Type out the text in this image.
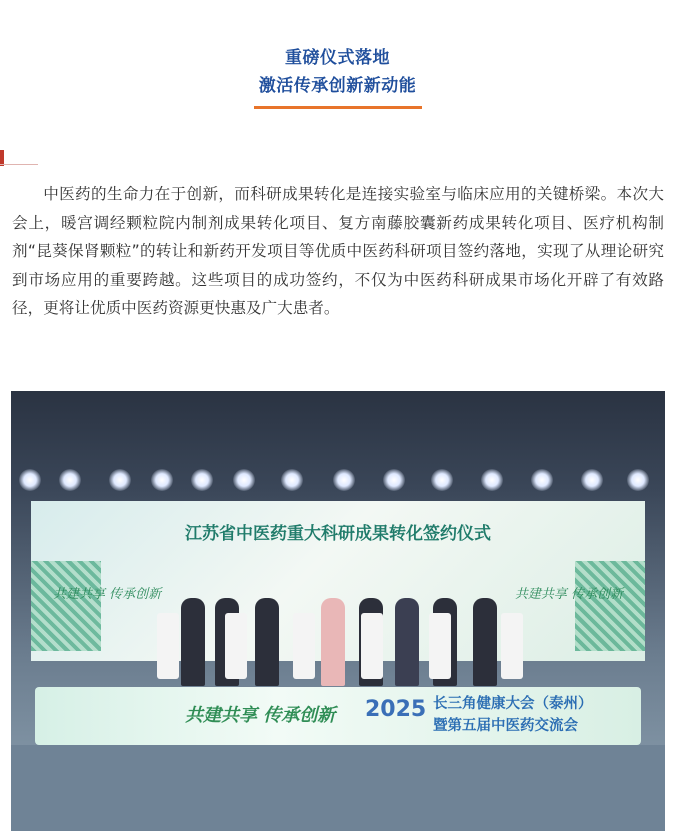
重磅仪式落地
激活传承创新新动能

中医药的生命力在于创新，而科研成果转化是连接实验室与临床应用的关键桥梁。本次大会上，暖宫调经颗粒院内制剂成果转化项目、复方南藤胶囊新药成果转化项目、医疗机构制剂“昆葵保肾颗粒”的转让和新药开发项目等优质中医药科研项目签约落地，实现了从理论研究到市场应用的重要跨越。这些项目的成功签约，不仅为中医药科研成果市场化开辟了有效路径，更将让优质中医药资源更快惠及广大患者。

江苏省中医药重大科研成果转化签约仪式
共建共享 传承创新	共建共享 传承创新
共建共享 传承创新 2025 长三角健康大会（泰州）
暨第五届中医药交流会
